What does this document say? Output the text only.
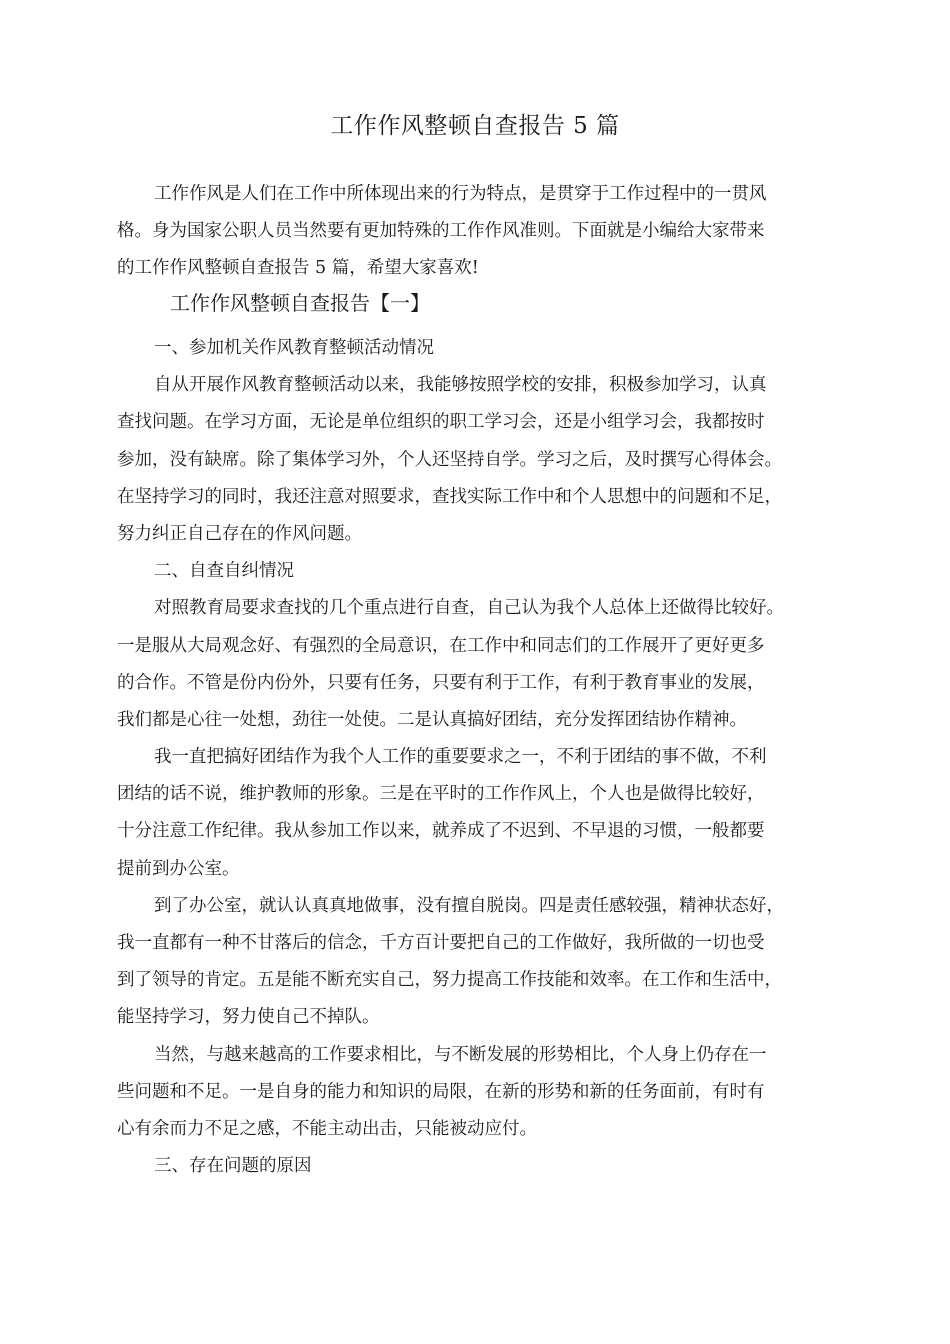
工作作风整顿自查报告 5 篇
工作作风是人们在工作中所体现出来的行为特点，是贯穿于工作过程中的一贯风
格。身为国家公职人员当然要有更加特殊的工作作风准则。下面就是小编给大家带来
的工作作风整顿自查报告 5 篇，希望大家喜欢!
工作作风整顿自查报告【一】
一、参加机关作风教育整顿活动情况
自从开展作风教育整顿活动以来，我能够按照学校的安排，积极参加学习，认真
查找问题。在学习方面，无论是单位组织的职工学习会，还是小组学习会，我都按时
参加，没有缺席。除了集体学习外，个人还坚持自学。学习之后，及时撰写心得体会。
在坚持学习的同时，我还注意对照要求，查找实际工作中和个人思想中的问题和不足，
努力纠正自己存在的作风问题。
二、自查自纠情况
对照教育局要求查找的几个重点进行自查，自己认为我个人总体上还做得比较好。
一是服从大局观念好、有强烈的全局意识，在工作中和同志们的工作展开了更好更多
的合作。不管是份内份外，只要有任务，只要有利于工作，有利于教育事业的发展，
我们都是心往一处想，劲往一处使。二是认真搞好团结，充分发挥团结协作精神。
我一直把搞好团结作为我个人工作的重要要求之一，不利于团结的事不做，不利
团结的话不说，维护教师的形象。三是在平时的工作作风上，个人也是做得比较好，
十分注意工作纪律。我从参加工作以来，就养成了不迟到、不早退的习惯，一般都要
提前到办公室。
到了办公室，就认认真真地做事，没有擅自脱岗。四是责任感较强，精神状态好，
我一直都有一种不甘落后的信念，千方百计要把自己的工作做好，我所做的一切也受
到了领导的肯定。五是能不断充实自己，努力提高工作技能和效率。在工作和生活中，
能坚持学习，努力使自己不掉队。
当然，与越来越高的工作要求相比，与不断发展的形势相比，个人身上仍存在一
些问题和不足。一是自身的能力和知识的局限，在新的形势和新的任务面前，有时有
心有余而力不足之感，不能主动出击，只能被动应付。
三、存在问题的原因
